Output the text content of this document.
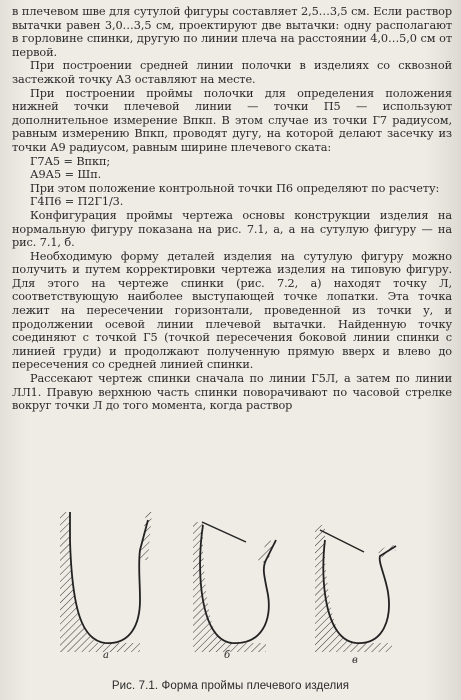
в плечевом шве для сутулой фигуры составляет 2,5…3,5 см. Если раствор вытачки равен 3,0…3,5 см, проектируют две вытачки: одну располагают в горловине спинки, другую по линии плеча на расстоянии 4,0…5,0 см от первой.

При построении средней линии полочки в изделиях со сквозной застежкой точку А3 оставляют на месте.

При построении проймы полочки для определения положения нижней точки плечевой линии — точки П5 — используют дополнительное измерение Впкп. В этом случае из точки Г7 радиусом, равным измерению Впкп, проводят дугу, на которой делают засечку из точки А9 радиусом, равным ширине плечевого ската:

Г7А5 = Впкп;

А9А5 = Шп.

При этом положение контрольной точки П6 определяют по расчету:

Г4П6 = П2Г1/3.

Конфигурация проймы чертежа основы конструкции изделия на нормальную фигуру показана на рис. 7.1, а, а на сутулую фигуру — на рис. 7.1, б.

Необходимую форму деталей изделия на сутулую фигуру можно получить и путем корректировки чертежа изделия на типовую фигуру. Для этого на чертеже спинки (рис. 7.2, а) находят точку Л, соответствующую наиболее выступающей точке лопатки. Эта точка лежит на пересечении горизонтали, проведенной из точки у, и продолжении осевой линии плечевой вытачки. Найденную точку соединяют с точкой Г5 (точкой пересечения боковой линии спинки с линией груди) и продолжают полученную прямую вверх и влево до пересечения со средней линией спинки.

Рассекают чертеж спинки сначала по линии Г5Л, а затем по линии ЛЛ1. Правую верхнюю часть спинки поворачивают по часовой стрелке вокруг точки Л до того момента, когда раствор

а	б	в
Рис. 7.1. Форма проймы плечевого изделия
